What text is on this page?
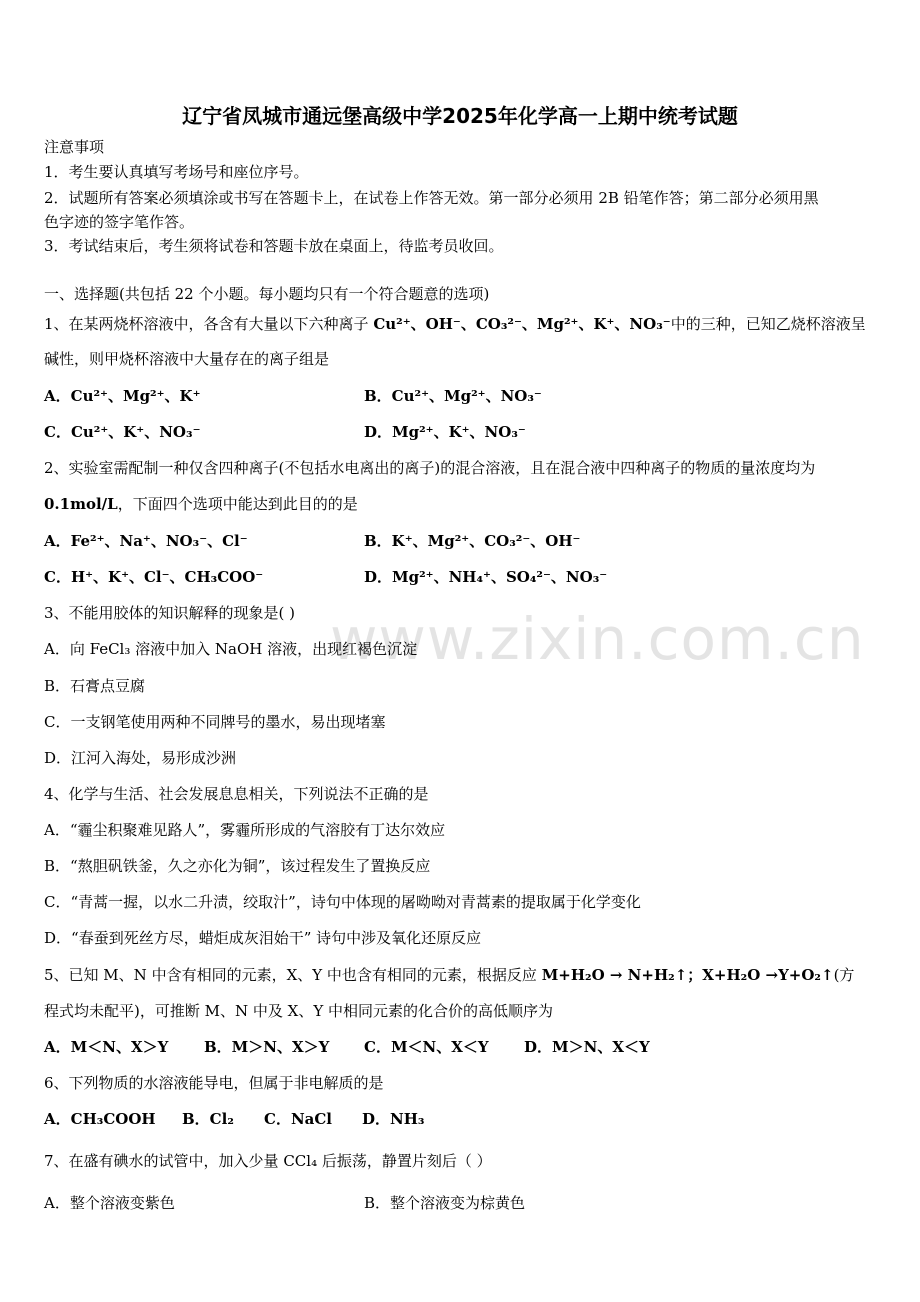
辽宁省凤城市通远堡高级中学2025年化学高一上期中统考试题
www.zixin.com.cn
注意事项
1．考生要认真填写考场号和座位序号。
2．试题所有答案必须填涂或书写在答题卡上，在试卷上作答无效。第一部分必须用 2B 铅笔作答；第二部分必须用黑
色字迹的签字笔作答。
3．考试结束后，考生须将试卷和答题卡放在桌面上，待监考员收回。
一、选择题(共包括 22 个小题。每小题均只有一个符合题意的选项)
1、在某两烧杯溶液中，各含有大量以下六种离子 Cu²⁺、OH⁻、CO₃²⁻、Mg²⁺、K⁺、NO₃⁻中的三种，已知乙烧杯溶液呈
碱性，则甲烧杯溶液中大量存在的离子组是
A．Cu²⁺、Mg²⁺、K⁺	B．Cu²⁺、Mg²⁺、NO₃⁻
C．Cu²⁺、K⁺、NO₃⁻	D．Mg²⁺、K⁺、NO₃⁻
2、实验室需配制一种仅含四种离子(不包括水电离出的离子)的混合溶液，且在混合液中四种离子的物质的量浓度均为
0.1mol/L，下面四个选项中能达到此目的的是
A．Fe²⁺、Na⁺、NO₃⁻、Cl⁻	B．K⁺、Mg²⁺、CO₃²⁻、OH⁻
C．H⁺、K⁺、Cl⁻、CH₃COO⁻	D．Mg²⁺、NH₄⁺、SO₄²⁻、NO₃⁻
3、不能用胶体的知识解释的现象是( )
A．向 FeCl₃ 溶液中加入 NaOH 溶液，出现红褐色沉淀
B．石膏点豆腐
C．一支钢笔使用两种不同牌号的墨水，易出现堵塞
D．江河入海处，易形成沙洲
4、化学与生活、社会发展息息相关，下列说法不正确的是
A．“霾尘积聚难见路人”，雾霾所形成的气溶胶有丁达尔效应
B．“熬胆矾铁釜，久之亦化为铜”，该过程发生了置换反应
C．“青蒿一握，以水二升渍，绞取汁”，诗句中体现的屠呦呦对青蒿素的提取属于化学变化
D．“春蚕到死丝方尽，蜡炬成灰泪始干” 诗句中涉及氧化还原反应
5、已知 M、N 中含有相同的元素，X、Y 中也含有相同的元素，根据反应 M+H₂O → N+H₂↑；X+H₂O →Y+O₂↑(方
程式均未配平)，可推断 M、N 中及 X、Y 中相同元素的化合价的高低顺序为
A．M＜N、X＞Y B．M＞N、X＞Y C．M＜N、X＜Y D．M＞N、X＜Y
6、下列物质的水溶液能导电，但属于非电解质的是
A．CH₃COOH B．Cl₂ C．NaCl D．NH₃
7、在盛有碘水的试管中，加入少量 CCl₄ 后振荡，静置片刻后（ ）
A．整个溶液变紫色	B．整个溶液变为棕黄色
